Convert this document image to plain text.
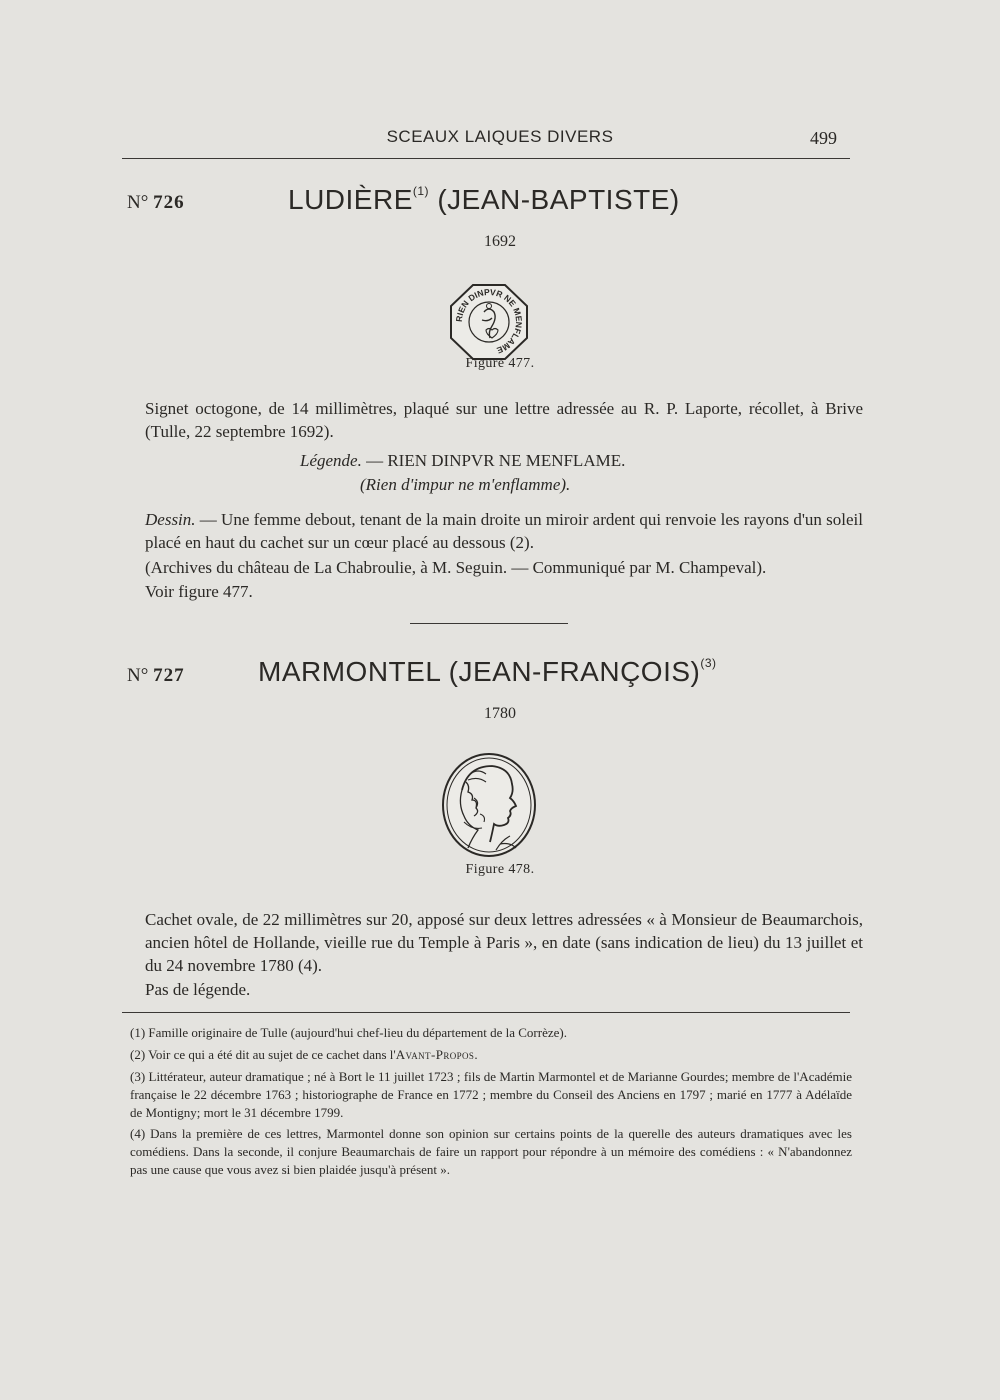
SCEAUX LAIQUES DIVERS	499
N° 726	LUDIÈRE$^{(1)}$ (JEAN-BAPTISTE)
1692
RIEN DINPVR NE MENFLAME
Figure 477.
Signet octogone, de 14 millimètres, plaqué sur une lettre adressée au R. P. Laporte, récollet, à Brive (Tulle, 22 septembre 1692).
Légende. — RIEN DINPVR NE MENFLAME.
(Rien d'impur ne m'enflamme).
Dessin. — Une femme debout, tenant de la main droite un miroir ardent qui renvoie les rayons d'un soleil placé en haut du cachet sur un cœur placé au dessous (2).
(Archives du château de La Chabroulie, à M. Seguin. — Communiqué par M. Champeval).
Voir figure 477.
N° 727	MARMONTEL (JEAN-FRANÇOIS)$^{(3)}$
1780
Figure 478.
Cachet ovale, de 22 millimètres sur 20, apposé sur deux lettres adressées « à Monsieur de Beaumarchois, ancien hôtel de Hollande, vieille rue du Temple à Paris », en date (sans indication de lieu) du 13 juillet et du 24 novembre 1780 (4).
Pas de légende.
(1) Famille originaire de Tulle (aujourd'hui chef-lieu du département de la Corrèze).
(2) Voir ce qui a été dit au sujet de ce cachet dans l'Avant-Propos.
(3) Littérateur, auteur dramatique ; né à Bort le 11 juillet 1723 ; fils de Martin Marmontel et de Marianne Gourdes; membre de l'Académie française le 22 décembre 1763 ; historiographe de France en 1772 ; membre du Conseil des Anciens en 1797 ; marié en 1777 à Adélaïde de Montigny; mort le 31 décembre 1799.
(4) Dans la première de ces lettres, Marmontel donne son opinion sur certains points de la querelle des auteurs dramatiques avec les comédiens. Dans la seconde, il conjure Beaumarchais de faire un rapport pour répondre à un mémoire des comédiens : « N'abandonnez pas une cause que vous avez si bien plaidée jusqu'à présent ».
